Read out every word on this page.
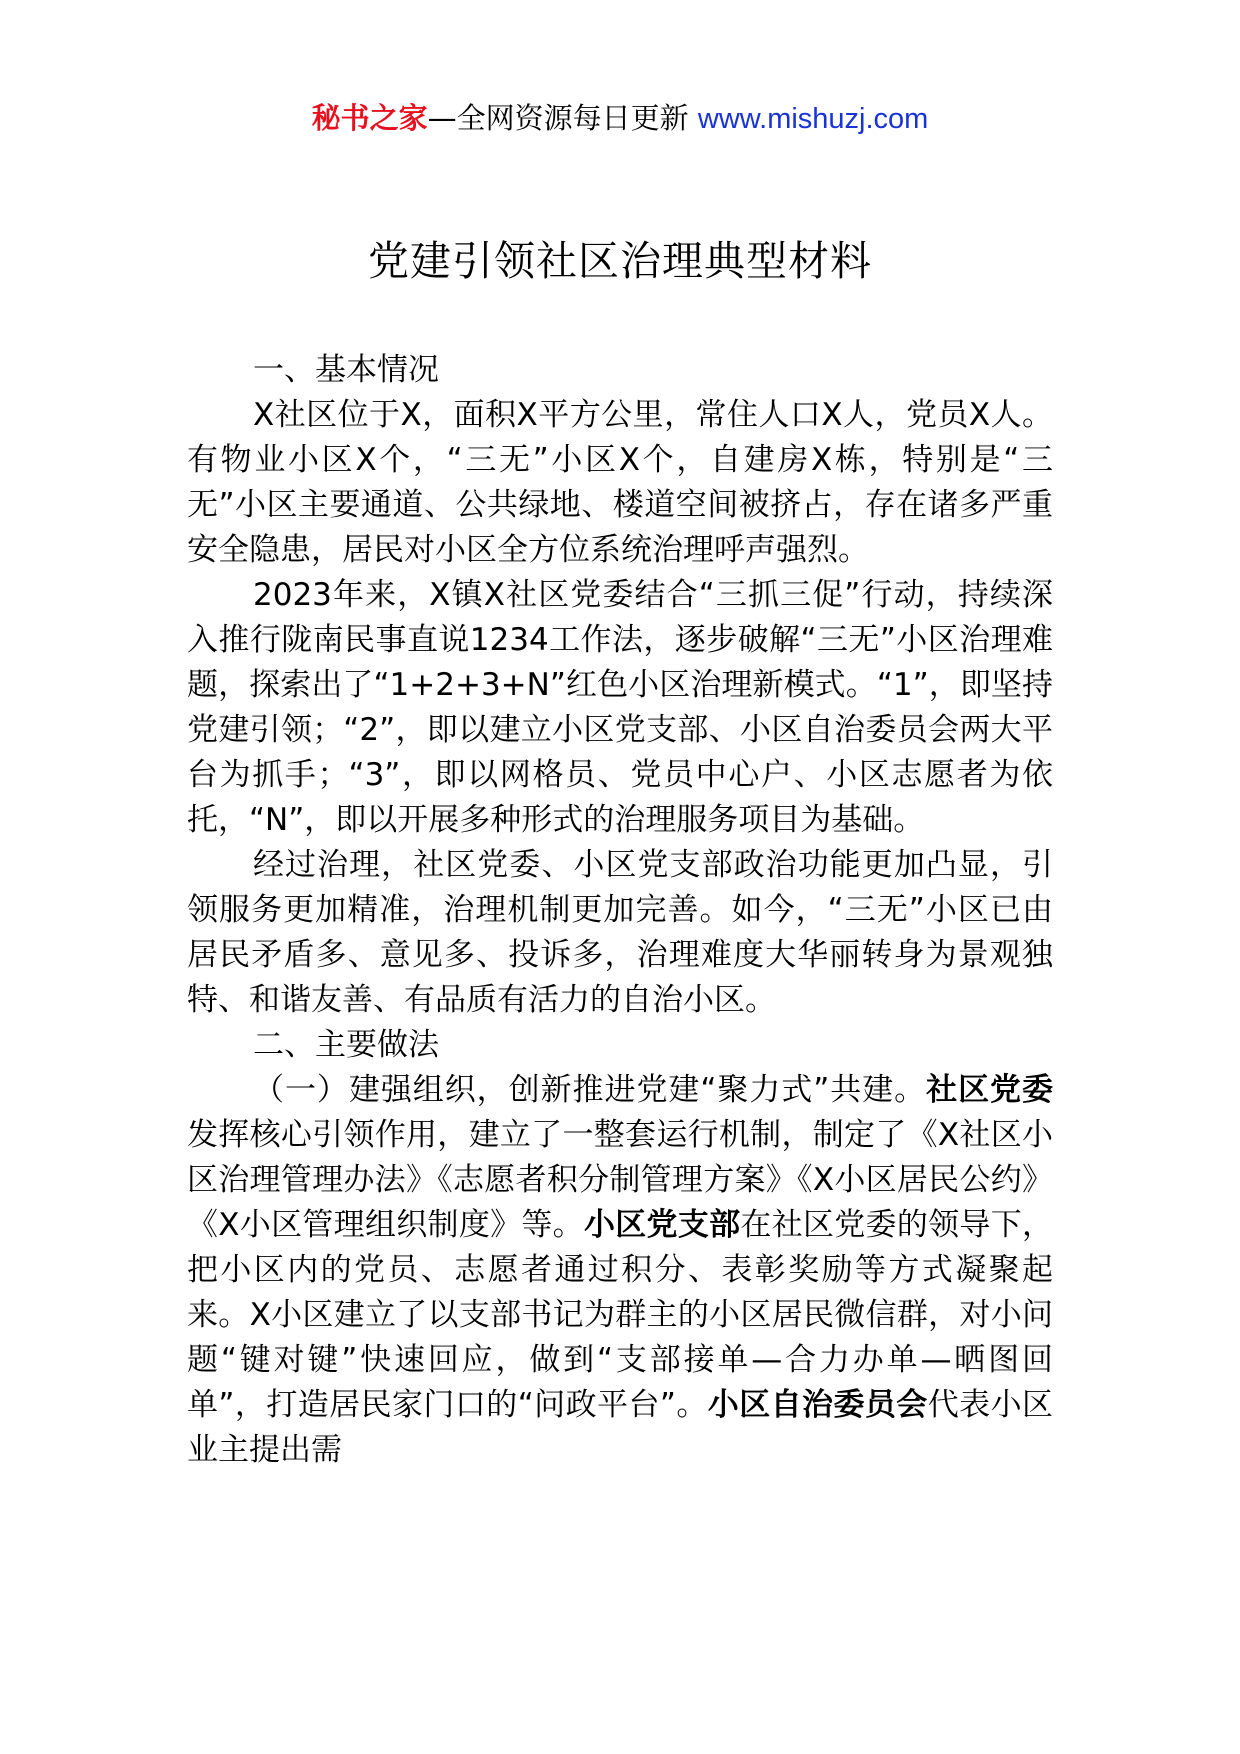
秘书之家—全网资源每日更新 www.mishuzj.com
党建引领社区治理典型材料

一、基本情况

X社区位于X，面积X平方公里，常住人口X人，党员X人。有物业小区X个，“三无”小区X个，自建房X栋，特别是“三无”小区主要通道、公共绿地、楼道空间被挤占，存在诸多严重安全隐患，居民对小区全方位系统治理呼声强烈。

2023年来，X镇X社区党委结合“三抓三促”行动，持续深入推行陇南民事直说1234工作法，逐步破解“三无”小区治理难题，探索出了“1+2+3+N”红色小区治理新模式。“1”，即坚持党建引领；“2”，即以建立小区党支部、小区自治委员会两大平台为抓手；“3”，即以网格员、党员中心户、小区志愿者为依托，“N”，即以开展多种形式的治理服务项目为基础。

经过治理，社区党委、小区党支部政治功能更加凸显，引领服务更加精准，治理机制更加完善。如今，“三无”小区已由居民矛盾多、意见多、投诉多，治理难度大华丽转身为景观独特、和谐友善、有品质有活力的自治小区。

二、主要做法

（一）建强组织，创新推进党建“聚力式”共建。社区党委发挥核心引领作用，建立了一整套运行机制，制定了《X社区小区治理管理办法》《志愿者积分制管理方案》《X小区居民公约》《X小区管理组织制度》等。小区党支部在社区党委的领导下，把小区内的党员、志愿者通过积分、表彰奖励等方式凝聚起来。X小区建立了以支部书记为群主的小区居民微信群，对小问题“键对键”快速回应，做到“支部接单—合力办单—晒图回单”，打造居民家门口的“问政平台”。小区自治委员会代表小区业主提出需
